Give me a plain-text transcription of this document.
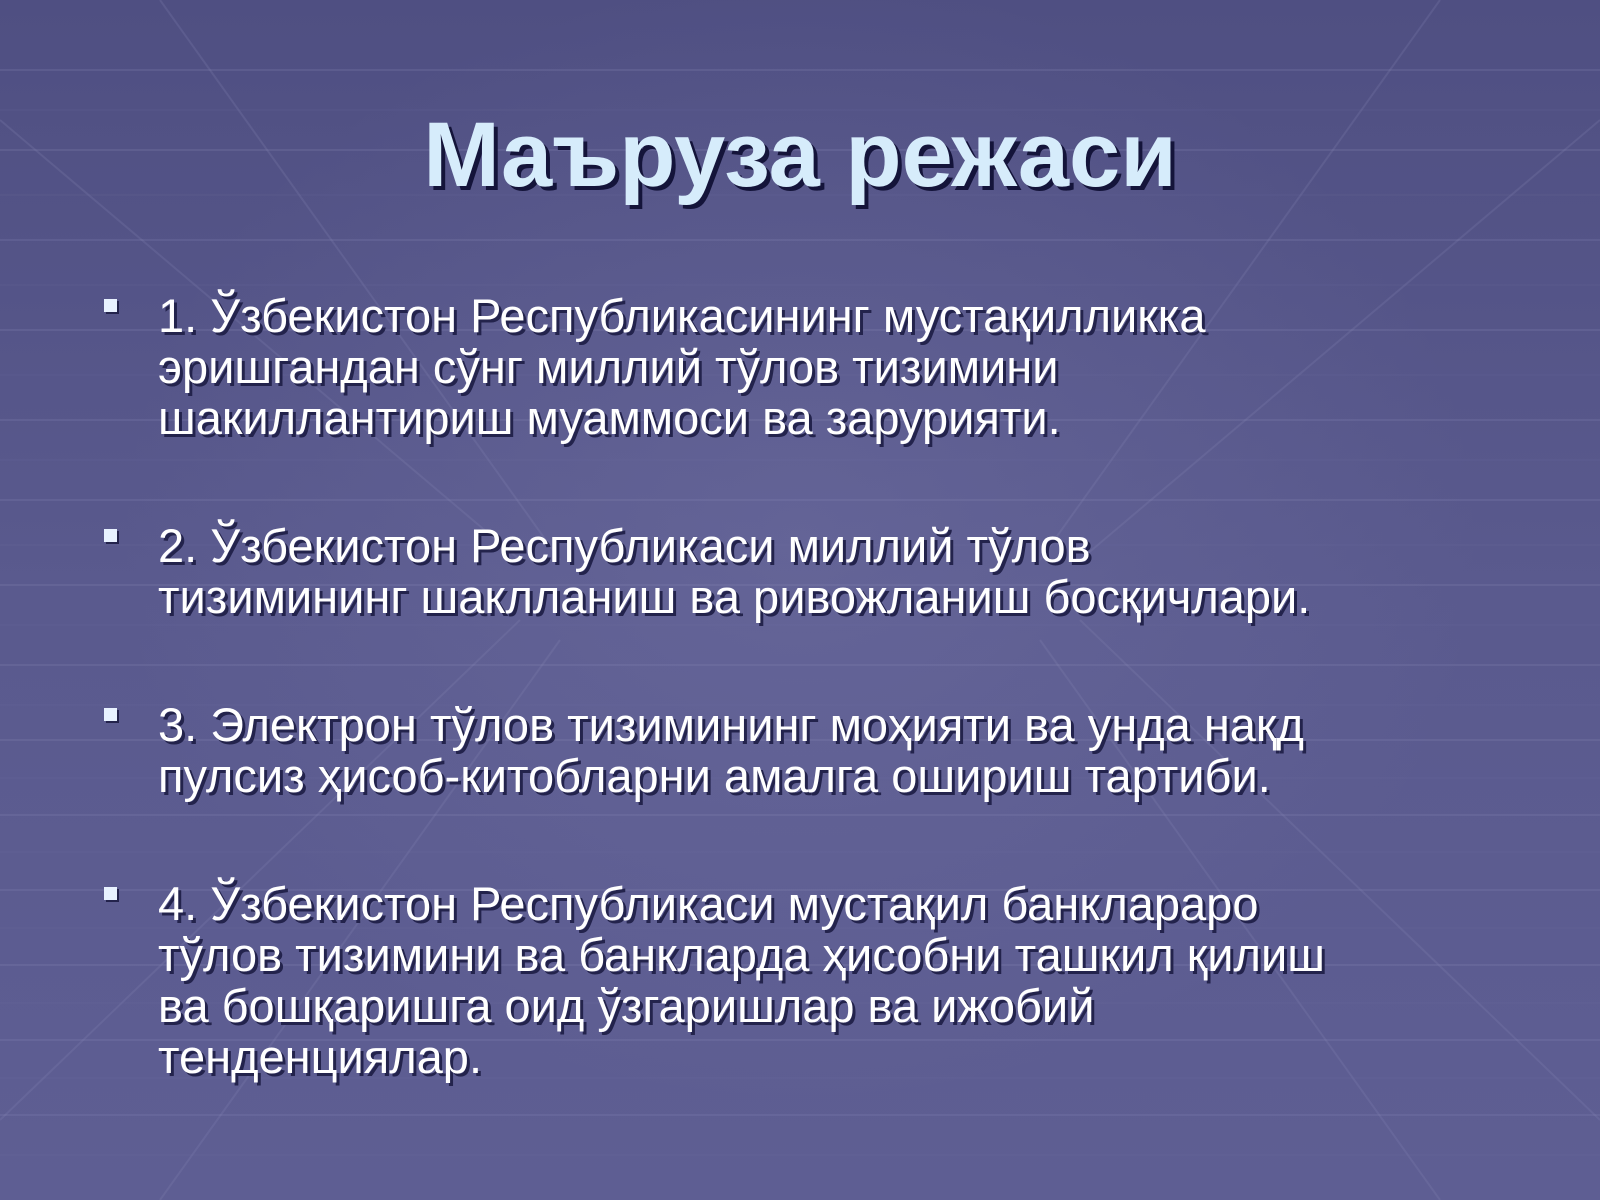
Маъруза режаси
1. Ўзбекистон Республикасининг мустақилликка
эришгандан сўнг миллий тўлов тизимини
шакиллантириш муаммоси ва зарурияти.
2. Ўзбекистон Республикаси миллий тўлов
тизимининг шаклланиш ва ривожланиш босқичлари.
3. Электрон тўлов тизимининг моҳияти ва унда нақд
пулсиз ҳисоб-китобларни амалга ошириш тартиби.
4. Ўзбекистон Республикаси мустақил банклараро
тўлов тизимини ва банкларда ҳисобни ташкил қилиш
ва бошқаришга оид ўзгаришлар ва ижобий
тенденциялар.
